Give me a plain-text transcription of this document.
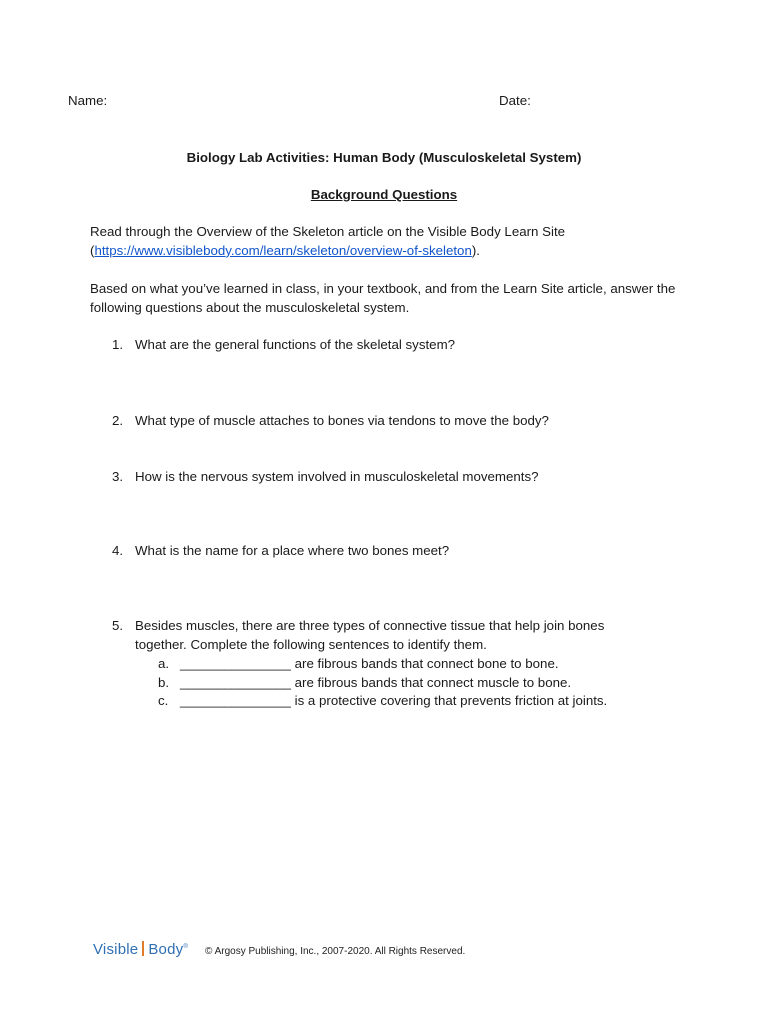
Name:	Date:
Biology Lab Activities: Human Body (Musculoskeletal System)
Background Questions
Read through the Overview of the Skeleton article on the Visible Body Learn Site
(https://www.visiblebody.com/learn/skeleton/overview-of-skeleton).
Based on what you’ve learned in class, in your textbook, and from the Learn Site article, answer the following questions about the musculoskeletal system.
1. What are the general functions of the skeletal system?
2. What type of muscle attaches to bones via tendons to move the body?
3. How is the nervous system involved in musculoskeletal movements?
4. What is the name for a place where two bones meet?
5. Besides muscles, there are three types of connective tissue that help join bones together. Complete the following sentences to identify them.
a. _______________ are fibrous bands that connect bone to bone.
b. _______________ are fibrous bands that connect muscle to bone.
c. _______________ is a protective covering that prevents friction at joints.
Visible Body® © Argosy Publishing, Inc., 2007-2020. All Rights Reserved.
